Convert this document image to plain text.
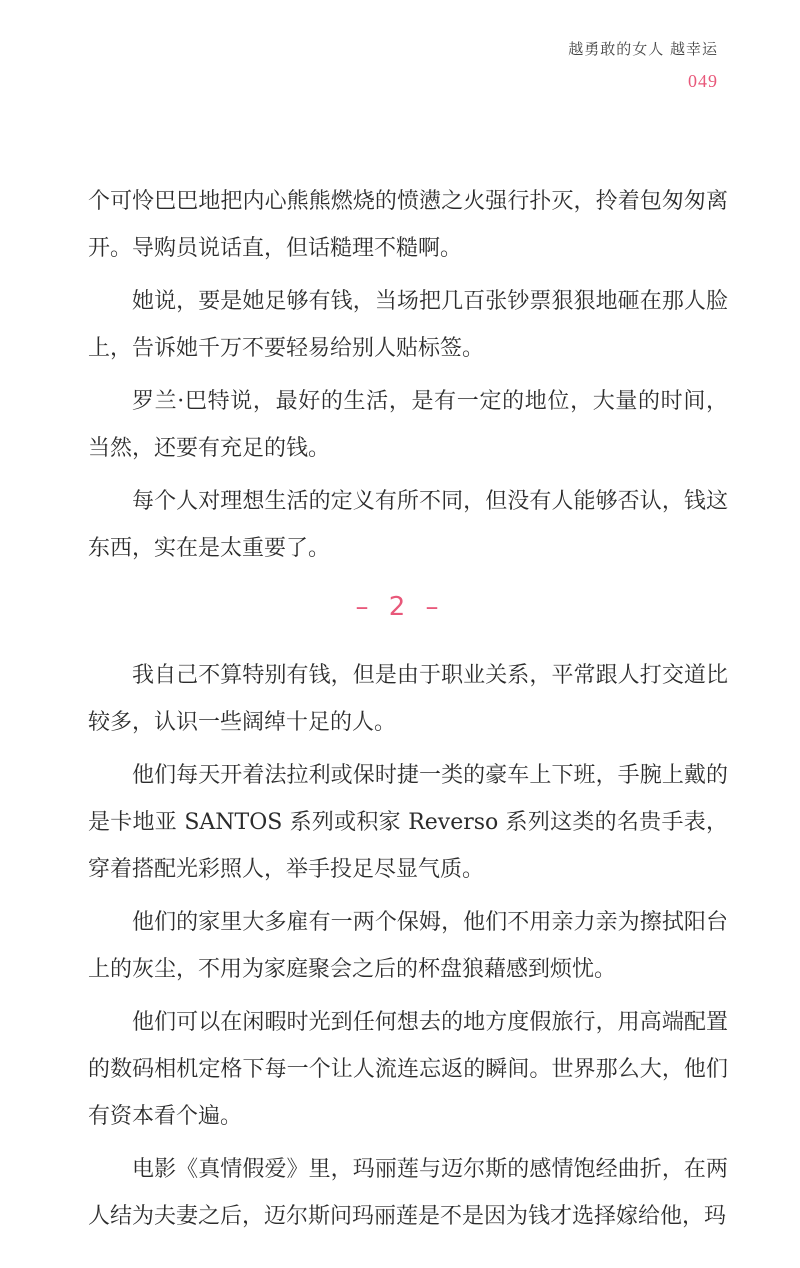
越勇敢的女人 越幸运
049

个可怜巴巴地把内心熊熊燃烧的愤懑之火强行扑灭，拎着包匆匆离开。导购员说话直，但话糙理不糙啊。

她说，要是她足够有钱，当场把几百张钞票狠狠地砸在那人脸上，告诉她千万不要轻易给别人贴标签。

罗兰·巴特说，最好的生活，是有一定的地位，大量的时间，当然，还要有充足的钱。

每个人对理想生活的定义有所不同，但没有人能够否认，钱这东西，实在是太重要了。

– 2 –

我自己不算特别有钱，但是由于职业关系，平常跟人打交道比较多，认识一些阔绰十足的人。

他们每天开着法拉利或保时捷一类的豪车上下班，手腕上戴的是卡地亚 SANTOS 系列或积家 Reverso 系列这类的名贵手表，穿着搭配光彩照人，举手投足尽显气质。

他们的家里大多雇有一两个保姆，他们不用亲力亲为擦拭阳台上的灰尘，不用为家庭聚会之后的杯盘狼藉感到烦忧。

他们可以在闲暇时光到任何想去的地方度假旅行，用高端配置的数码相机定格下每一个让人流连忘返的瞬间。世界那么大，他们有资本看个遍。

电影《真情假爱》里，玛丽莲与迈尔斯的感情饱经曲折，在两人结为夫妻之后，迈尔斯问玛丽莲是不是因为钱才选择嫁给他，玛
